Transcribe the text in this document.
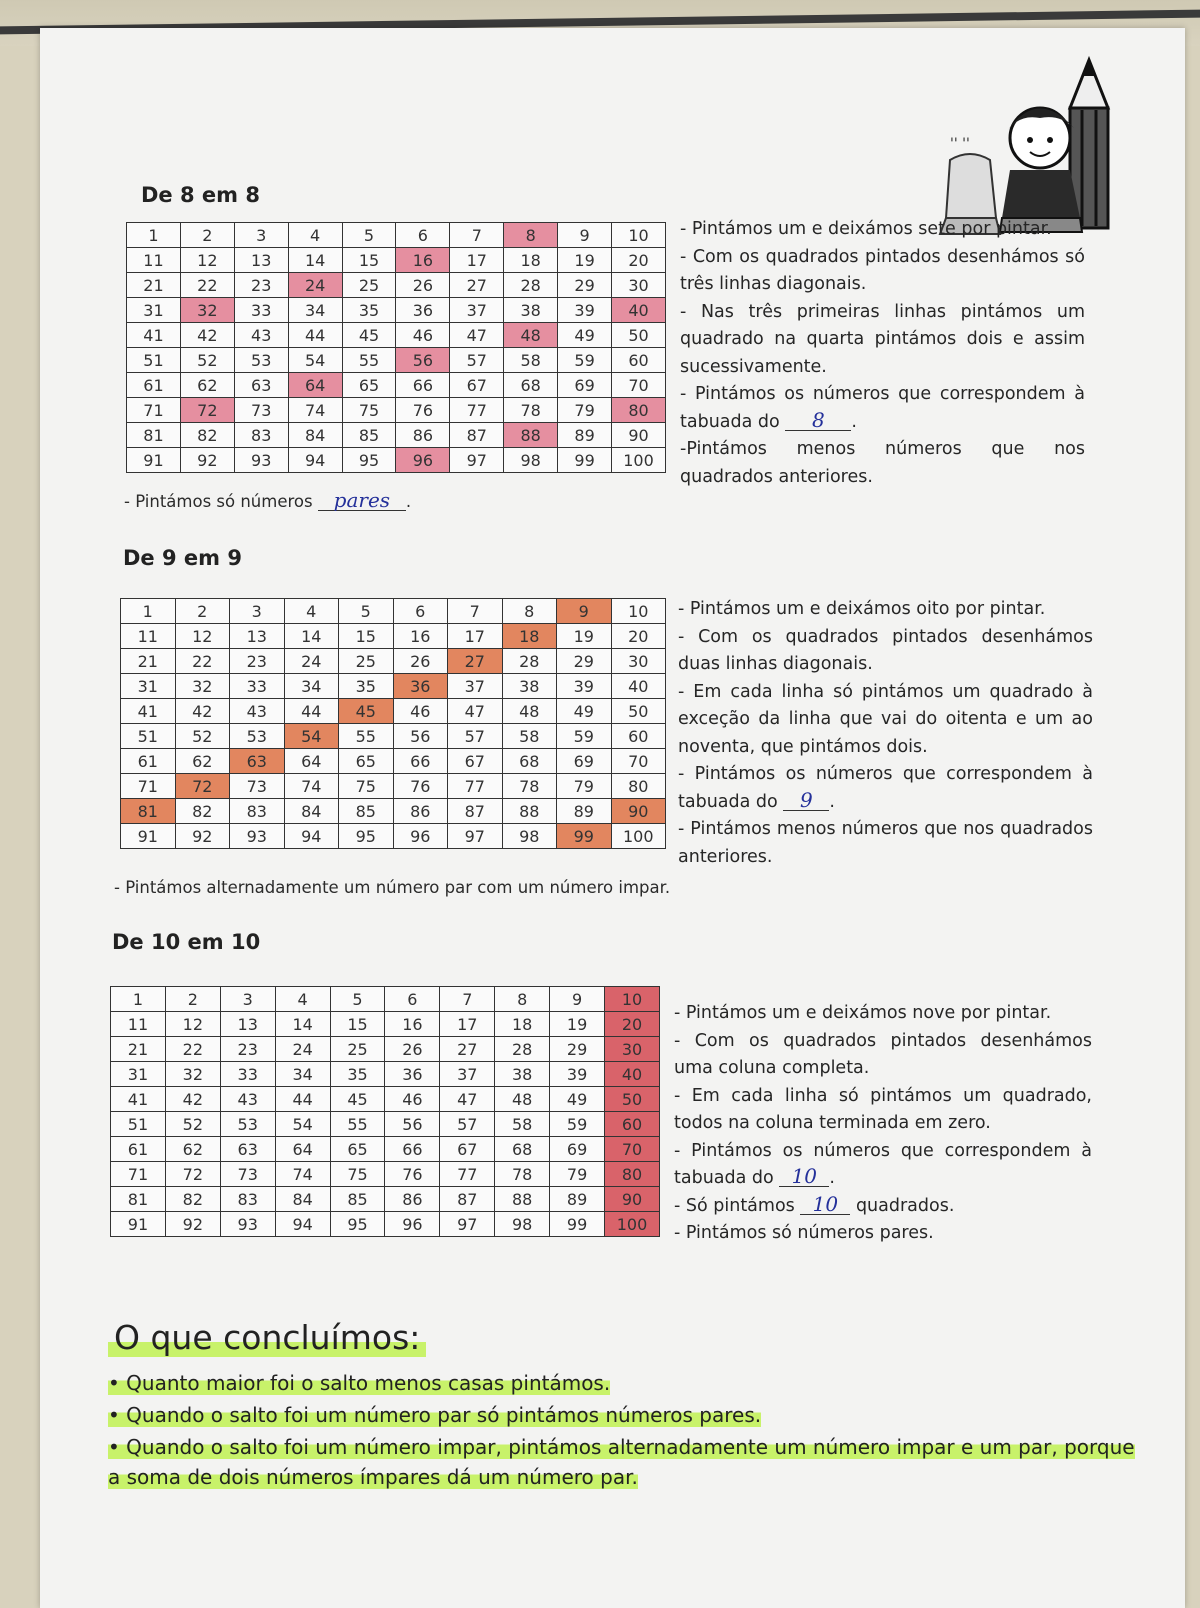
'' ''
De 8 em 8
1	2	3	4	5	6	7	8	9	10
11	12	13	14	15	16	17	18	19	20
21	22	23	24	25	26	27	28	29	30
31	32	33	34	35	36	37	38	39	40
41	42	43	44	45	46	47	48	49	50
51	52	53	54	55	56	57	58	59	60
61	62	63	64	65	66	67	68	69	70
71	72	73	74	75	76	77	78	79	80
81	82	83	84	85	86	87	88	89	90
91	92	93	94	95	96	97	98	99	100

- Pintámos um e deixámos sete por pintar.

- Com os quadrados pintados desenhámos só três linhas diagonais.

- Nas três primeiras linhas pintámos um quadrado na quarta pintámos dois e assim sucessivamente.

- Pintámos os números que correspondem à tabuada do 8 .

-Pintámos menos números que nos quadrados anteriores.

- Pintámos só números pares .
De 9 em 9
1	2	3	4	5	6	7	8	9	10
11	12	13	14	15	16	17	18	19	20
21	22	23	24	25	26	27	28	29	30
31	32	33	34	35	36	37	38	39	40
41	42	43	44	45	46	47	48	49	50
51	52	53	54	55	56	57	58	59	60
61	62	63	64	65	66	67	68	69	70
71	72	73	74	75	76	77	78	79	80
81	82	83	84	85	86	87	88	89	90
91	92	93	94	95	96	97	98	99	100

- Pintámos um e deixámos oito por pintar.

- Com os quadrados pintados desenhámos duas linhas diagonais.

- Em cada linha só pintámos um quadrado à exceção da linha que vai do oitenta e um ao noventa, que pintámos dois.

- Pintámos os números que correspondem à tabuada do 9 .

- Pintámos menos números que nos quadrados anteriores.

- Pintámos alternadamente um número par com um número impar.
De 10 em 10
1	2	3	4	5	6	7	8	9	10
11	12	13	14	15	16	17	18	19	20
21	22	23	24	25	26	27	28	29	30
31	32	33	34	35	36	37	38	39	40
41	42	43	44	45	46	47	48	49	50
51	52	53	54	55	56	57	58	59	60
61	62	63	64	65	66	67	68	69	70
71	72	73	74	75	76	77	78	79	80
81	82	83	84	85	86	87	88	89	90
91	92	93	94	95	96	97	98	99	100

- Pintámos um e deixámos nove por pintar.

- Com os quadrados pintados desenhámos uma coluna completa.

- Em cada linha só pintámos um quadrado, todos na coluna terminada em zero.

- Pintámos os números que correspondem à tabuada do 10 .

- Só pintámos 10 quadrados.

- Pintámos só números pares.

O que concluímos:

• Quanto maior foi o salto menos casas pintámos.

• Quando o salto foi um número par só pintámos números pares.

• Quando o salto foi um número impar, pintámos alternadamente um número impar e um par, porque a soma de dois números ímpares dá um número par.
